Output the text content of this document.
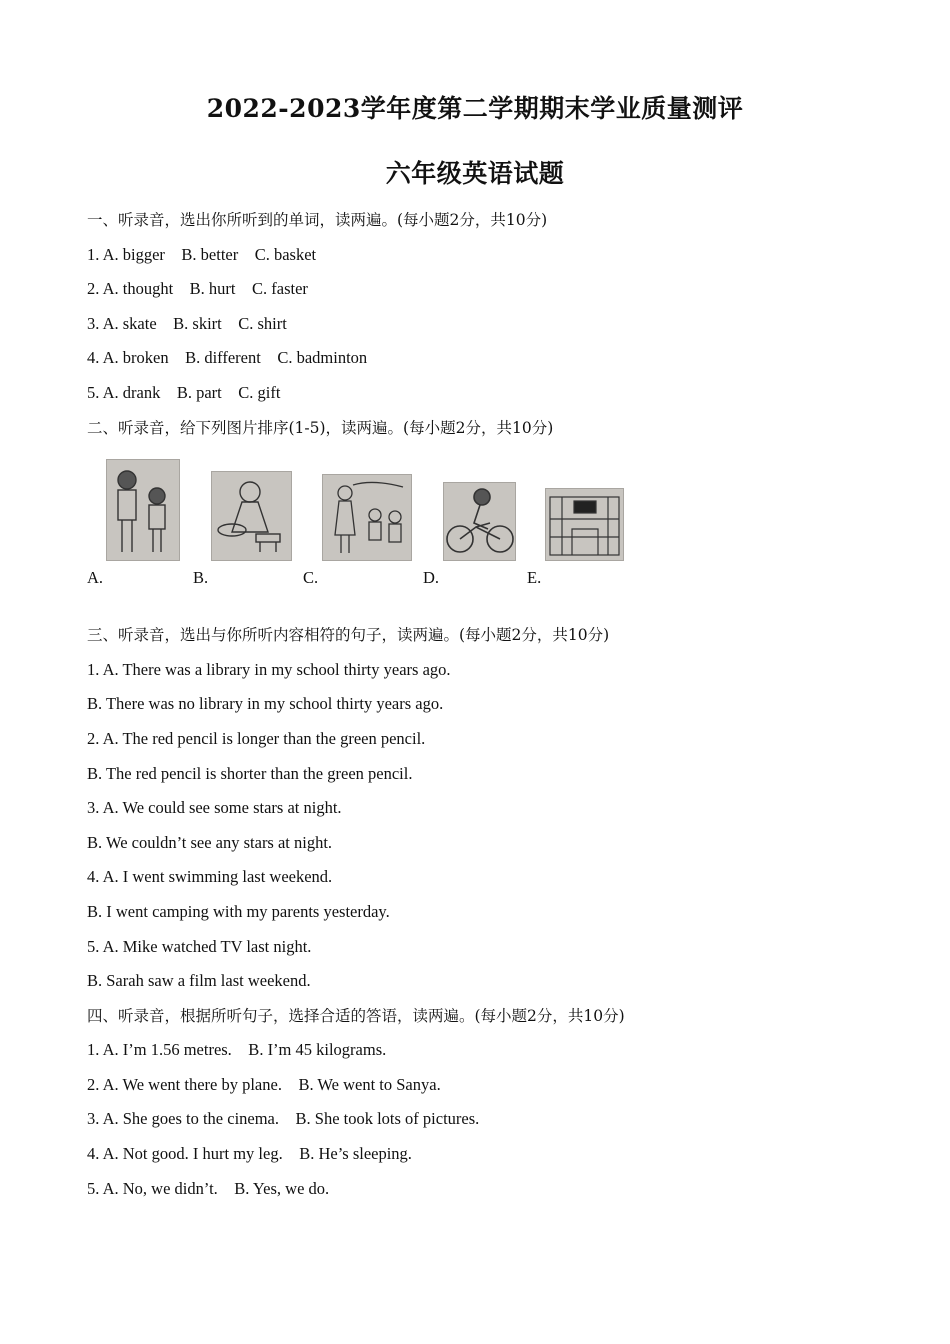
2022-2023学年度第二学期期末学业质量测评
六年级英语试题
一、听录音，选出你所听到的单词，读两遍。(每小题2分，共10分)
1. A. bigger    B. better    C. basket
2. A. thought    B. hurt    C. faster
3. A. skate    B. skirt    C. shirt
4. A. broken    B. different    C. badminton
5. A. drank    B. part    C. gift
二、听录音，给下列图片排序(1-5)，读两遍。(每小题2分，共10分)
A.	B.	C.	D.	E.
三、听录音，选出与你所听内容相符的句子，读两遍。(每小题2分，共10分)
1. A. There was a library in my school thirty years ago.
B. There was no library in my school thirty years ago.
2. A. The red pencil is longer than the green pencil.
B. The red pencil is shorter than the green pencil.
3. A. We could see some stars at night.
B. We couldn’t see any stars at night.
4. A. I went swimming last weekend.
B. I went camping with my parents yesterday.
5. A. Mike watched TV last night.
B. Sarah saw a film last weekend.
四、听录音，根据所听句子，选择合适的答语，读两遍。(每小题2分，共10分)
1. A. I’m 1.56 metres.    B. I’m 45 kilograms.
2. A. We went there by plane.    B. We went to Sanya.
3. A. She goes to the cinema.    B. She took lots of pictures.
4. A. Not good. I hurt my leg.    B. He’s sleeping.
5. A. No, we didn’t.    B. Yes, we do.
